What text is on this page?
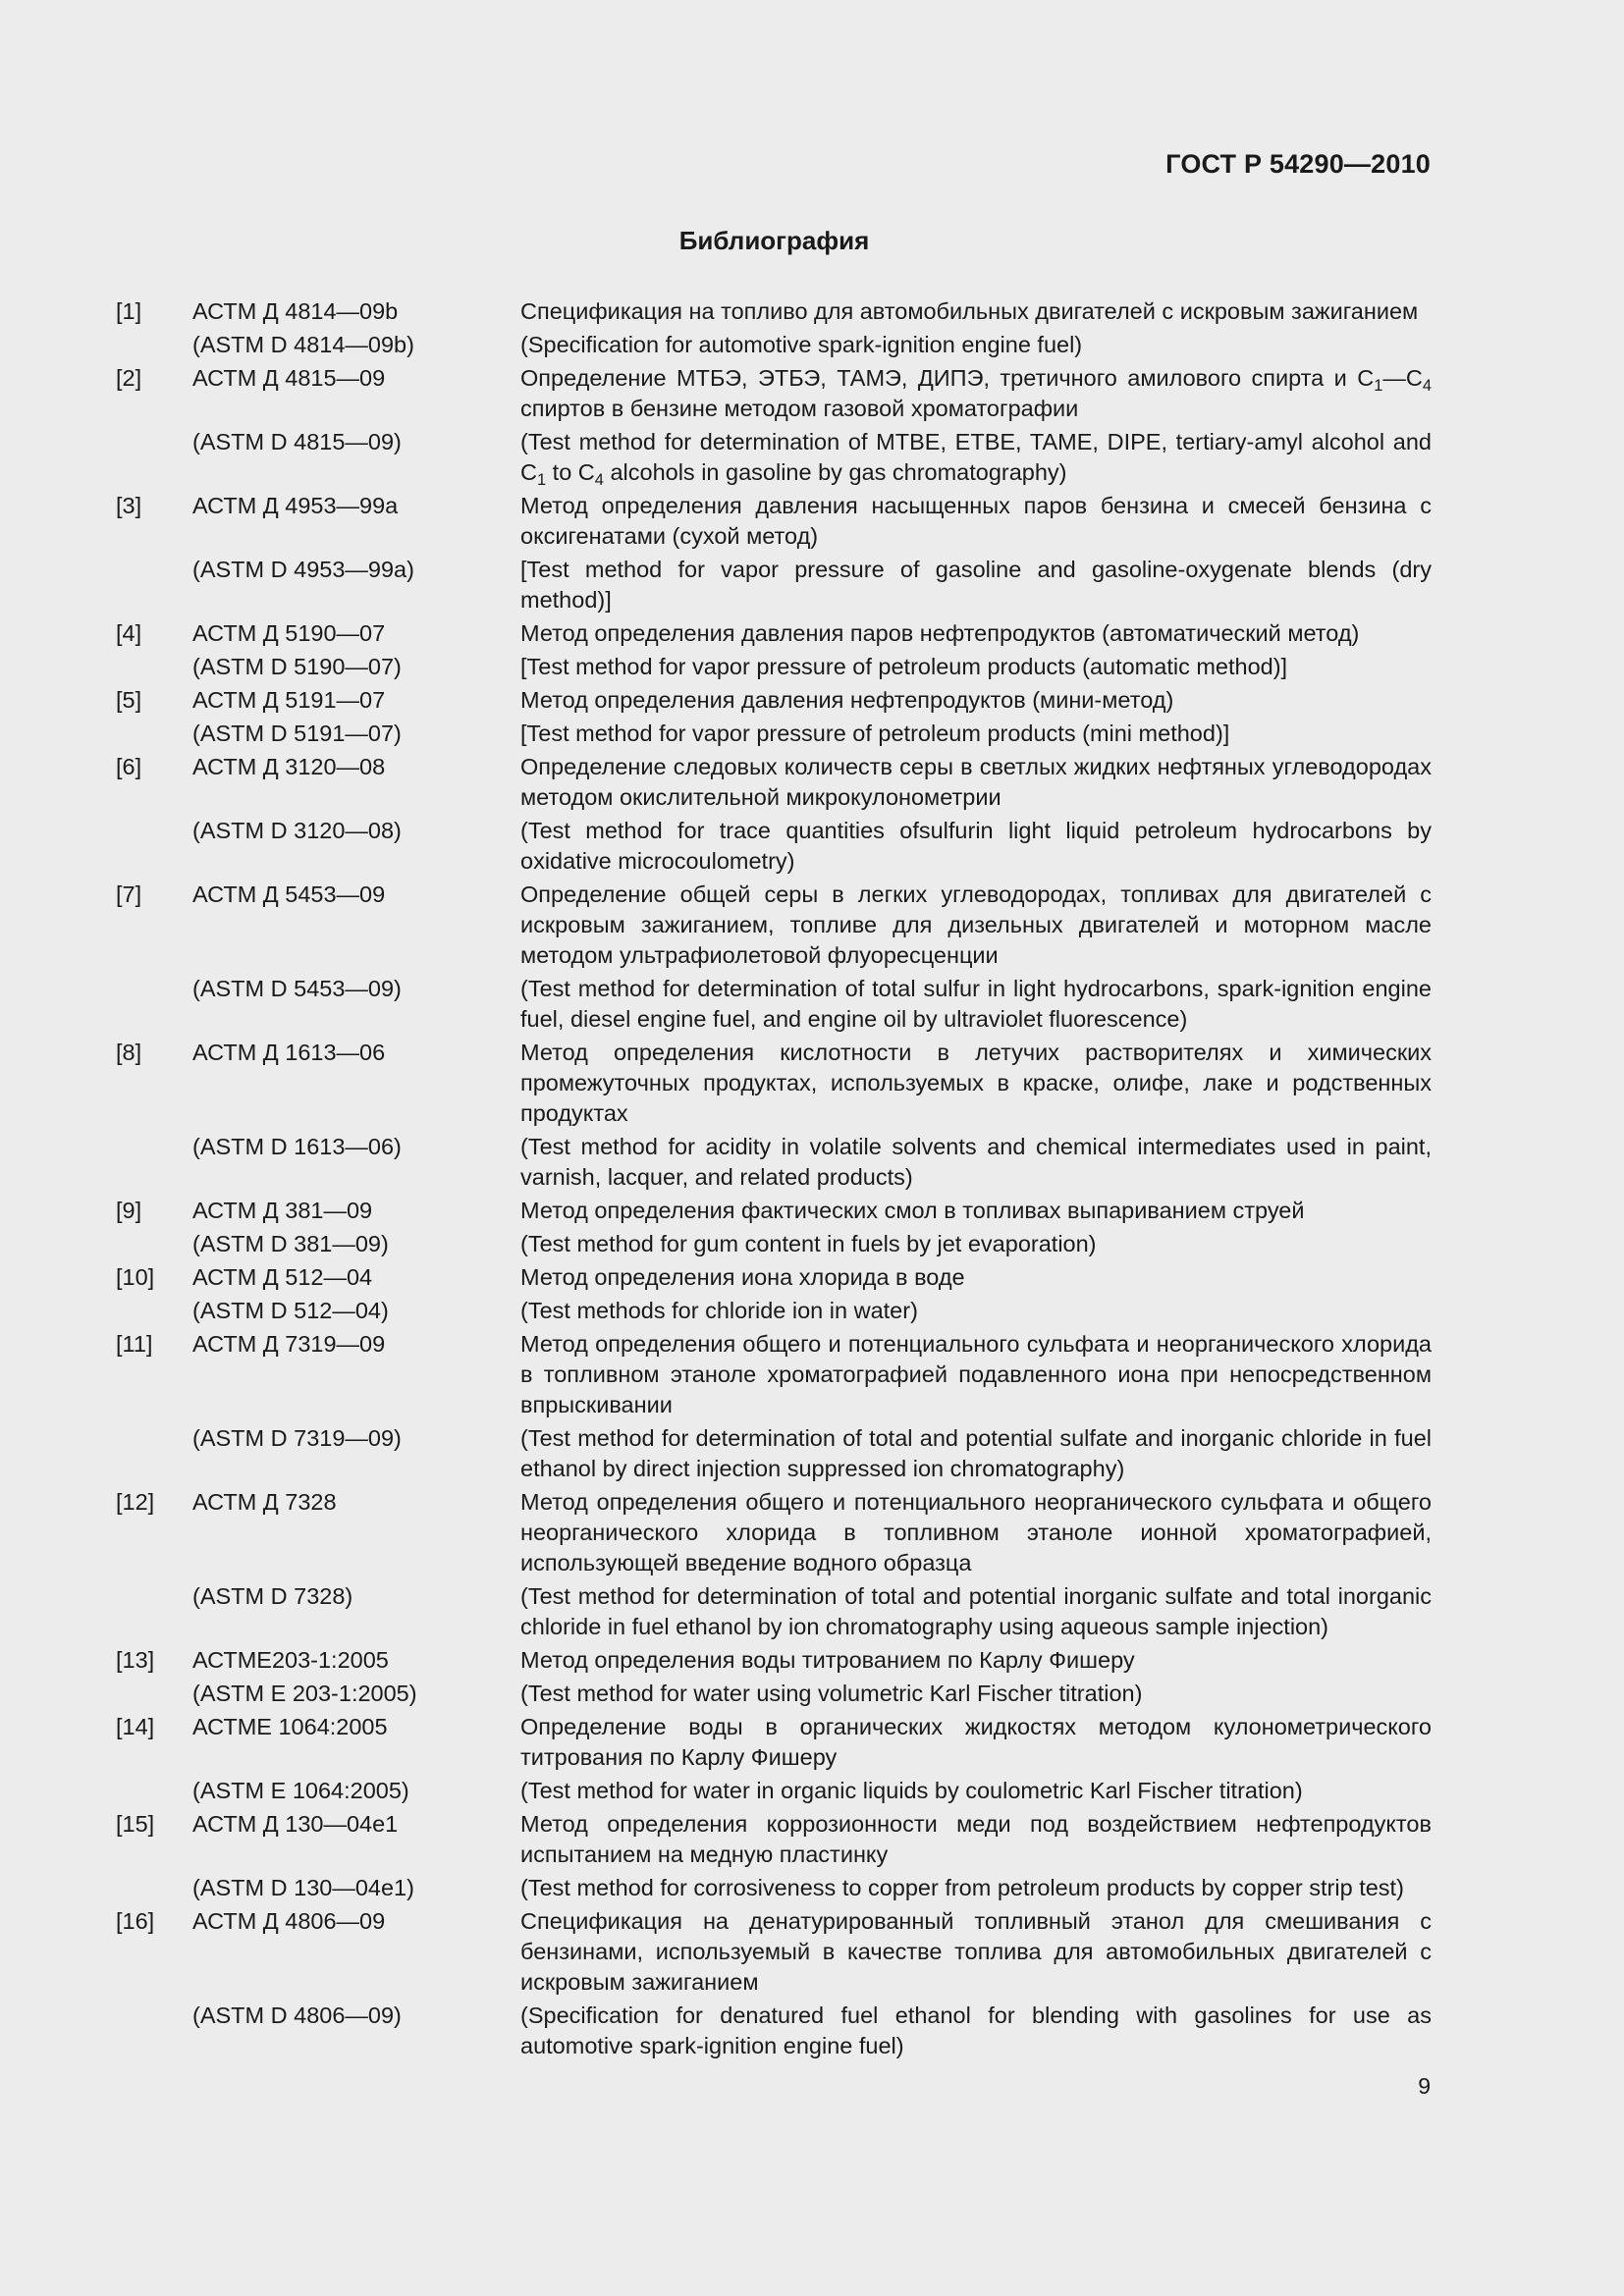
ГОСТ Р 54290—2010
Библиография
[1]	АСТМ Д 4814—09b	Спецификация на топливо для автомобильных двигателей с искровым зажиганием
(ASTM D 4814—09b)	(Specification for automotive spark-ignition engine fuel)
[2]	АСТМ Д 4815—09	Определение МТБЭ, ЭТБЭ, ТАМЭ, ДИПЭ, третичного амилового спирта и $C_1—C_4$ спиртов в бензине методом газовой хроматографии
(ASTM D 4815—09)	(Test method for determination of MTBE, ETBE, TAME, DIPE, tertiary-amyl alcohol and $C_1$ to $C_4$ alcohols in gasoline by gas chromatography)
[3]	АСТМ Д 4953—99a	Метод определения давления насыщенных паров бензина и смесей бензина с оксигенатами (сухой метод)
(ASTM D 4953—99a)	[Test method for vapor pressure of gasoline and gasoline-oxygenate blends (dry method)]
[4]	АСТМ Д 5190—07	Метод определения давления паров нефтепродуктов (автоматический метод)
(ASTM D 5190—07)	[Test method for vapor pressure of petroleum products (automatic method)]
[5]	АСТМ Д 5191—07	Метод определения давления нефтепродуктов (мини-метод)
(ASTM D 5191—07)	[Test method for vapor pressure of petroleum products (mini method)]
[6]	АСТМ Д 3120—08	Определение следовых количеств серы в светлых жидких нефтяных углеводородах методом окислительной микрокулонометрии
(ASTM D 3120—08)	(Test method for trace quantities ofsulfurin light liquid petroleum hydrocarbons by oxidative microcoulometry)
[7]	АСТМ Д 5453—09	Определение общей серы в легких углеводородах, топливах для двигателей с искровым зажиганием, топливе для дизельных двигателей и моторном масле методом ультрафиолетовой флуоресценции
(ASTM D 5453—09)	(Test method for determination of total sulfur in light hydrocarbons, spark-ignition engine fuel, diesel engine fuel, and engine oil by ultraviolet fluorescence)
[8]	АСТМ Д 1613—06	Метод определения кислотности в летучих растворителях и химических промежуточных продуктах, используемых в краске, олифе, лаке и родственных продуктах
(ASTM D 1613—06)	(Test method for acidity in volatile solvents and chemical intermediates used in paint, varnish, lacquer, and related products)
[9]	АСТМ Д 381—09	Метод определения фактических смол в топливах выпариванием струей
(ASTM D 381—09)	(Test method for gum content in fuels by jet evaporation)
[10]	АСТМ Д 512—04	Метод определения иона хлорида в воде
(ASTM D 512—04)	(Test methods for chloride ion in water)
[11]	АСТМ Д 7319—09	Метод определения общего и потенциального сульфата и неорганического хлорида в топливном этаноле хроматографией подавленного иона при непосредственном впрыскивании
(ASTM D 7319—09)	(Test method for determination of total and potential sulfate and inorganic chloride in fuel ethanol by direct injection suppressed ion chromatography)
[12]	АСТМ Д 7328	Метод определения общего и потенциального неорганического сульфата и общего неорганического хлорида в топливном этаноле ионной хроматографией, использующей введение водного образца
(ASTM D 7328)	(Test method for determination of total and potential inorganic sulfate and total inorganic chloride in fuel ethanol by ion chromatography using aqueous sample injection)
[13]	АСТМЕ203-1:2005	Метод определения воды титрованием по Карлу Фишеру
(ASTM E 203-1:2005)	(Test method for water using volumetric Karl Fischer titration)
[14]	АСТМЕ 1064:2005	Определение воды в органических жидкостях методом кулонометрического титрования по Карлу Фишеру
(ASTM E 1064:2005)	(Test method for water in organic liquids by coulometric Karl Fischer titration)
[15]	АСТМ Д 130—04e1	Метод определения коррозионности меди под воздействием нефтепродуктов испытанием на медную пластинку
(ASTM D 130—04e1)	(Test method for corrosiveness to copper from petroleum products by copper strip test)
[16]	АСТМ Д 4806—09	Спецификация на денатурированный топливный этанол для смешивания с бензинами, используемый в качестве топлива для автомобильных двигателей с искровым зажиганием
(ASTM D 4806—09)	(Specification for denatured fuel ethanol for blending with gasolines for use as automotive spark-ignition engine fuel)
9
